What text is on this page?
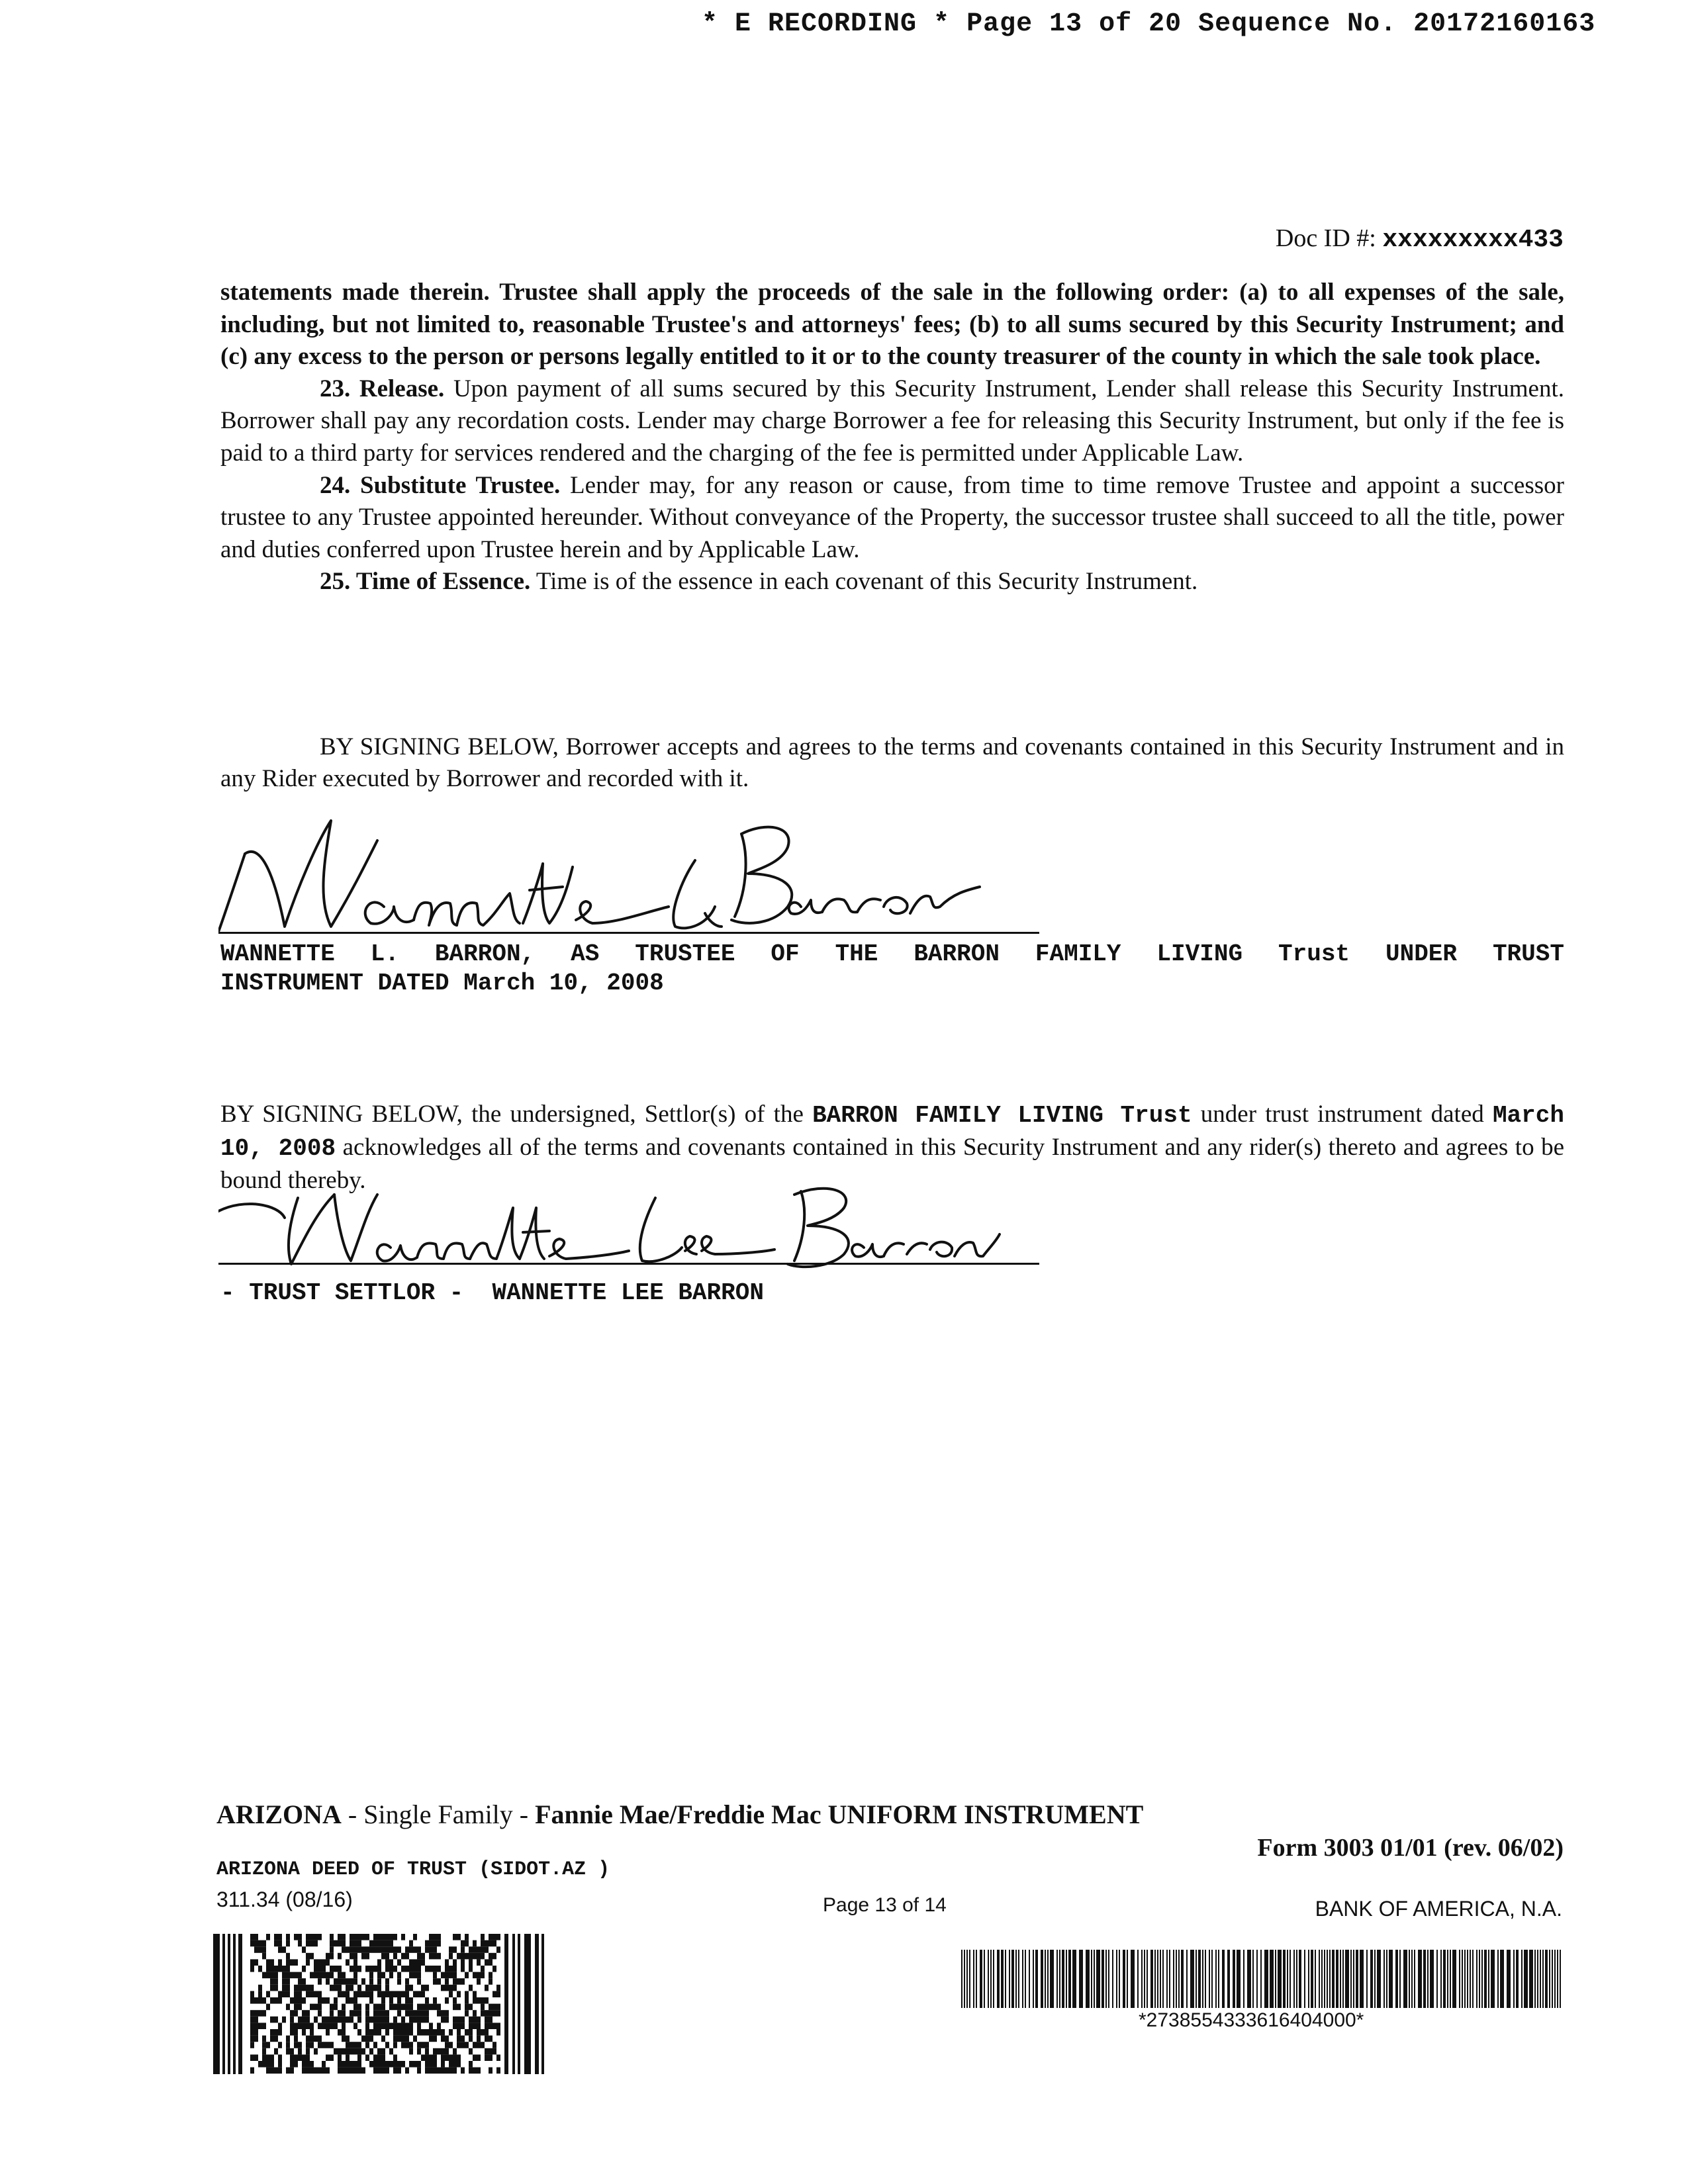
* E RECORDING * Page 13 of 20 Sequence No. 20172160163
Doc ID #: xxxxxxxxx433

statements made therein. Trustee shall apply the proceeds of the sale in the following order: (a) to all expenses of the sale, including, but not limited to, reasonable Trustee's and attorneys' fees; (b) to all sums secured by this Security Instrument; and (c) any excess to the person or persons legally entitled to it or to the county treasurer of the county in which the sale took place.

23. Release. Upon payment of all sums secured by this Security Instrument, Lender shall release this Security Instrument. Borrower shall pay any recordation costs. Lender may charge Borrower a fee for releasing this Security Instrument, but only if the fee is paid to a third party for services rendered and the charging of the fee is permitted under Applicable Law.

24. Substitute Trustee. Lender may, for any reason or cause, from time to time remove Trustee and appoint a successor trustee to any Trustee appointed hereunder. Without conveyance of the Property, the successor trustee shall succeed to all the title, power and duties conferred upon Trustee herein and by Applicable Law.

25. Time of Essence. Time is of the essence in each covenant of this Security Instrument.

BY SIGNING BELOW, Borrower accepts and agrees to the terms and covenants contained in this Security Instrument and in any Rider executed by Borrower and recorded with it.
WANNETTE L. BARRON, AS TRUSTEE OF THE BARRON FAMILY LIVING Trust UNDER TRUST
INSTRUMENT DATED March 10, 2008
BY SIGNING BELOW, the undersigned, Settlor(s) of the BARRON FAMILY LIVING Trust under trust instrument dated March 10, 2008 acknowledges all of the terms and covenants contained in this Security Instrument and any rider(s) thereto and agrees to be bound thereby.
- TRUST SETTLOR -  WANNETTE LEE BARRON
ARIZONA - Single Family - Fannie Mae/Freddie Mac UNIFORM INSTRUMENT
Form 3003 01/01 (rev. 06/02)
ARIZONA DEED OF TRUST (SIDOT.AZ )
311.34 (08/16)	Page 13 of 14	BANK OF AMERICA, N.A.
*2738554333616404000*
